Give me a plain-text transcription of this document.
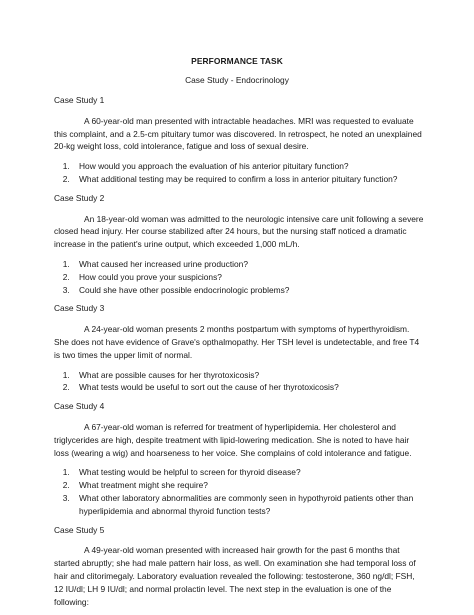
PERFORMANCE TASK
Case Study - Endocrinology

Case Study 1

A 60-year-old man presented with intractable headaches. MRI was requested to evaluate this complaint, and a 2.5-cm pituitary tumor was discovered. In retrospect, he noted an unexplained 20-kg weight loss, cold intolerance, fatigue and loss of sexual desire.

1. How would you approach the evaluation of his anterior pituitary function?
2. What additional testing may be required to confirm a loss in anterior pituitary function?

Case Study 2

An 18-year-old woman was admitted to the neurologic intensive care unit following a severe closed head injury. Her course stabilized after 24 hours, but the nursing staff noticed a dramatic increase in the patient's urine output, which exceeded 1,000 mL/h.

1. What caused her increased urine production?
2. How could you prove your suspicions?
3. Could she have other possible endocrinologic problems?

Case Study 3

A 24-year-old woman presents 2 months postpartum with symptoms of hyperthyroidism. She does not have evidence of Grave's opthalmopathy. Her TSH level is undetectable, and free T4 is two times the upper limit of normal.

1. What are possible causes for her thyrotoxicosis?
2. What tests would be useful to sort out the cause of her thyrotoxicosis?

Case Study 4

A 67-year-old woman is referred for treatment of hyperlipidemia. Her cholesterol and triglycerides are high, despite treatment with lipid-lowering medication. She is noted to have hair loss (wearing a wig) and hoarseness to her voice. She complains of cold intolerance and fatigue.

1. What testing would be helpful to screen for thyroid disease?
2. What treatment might she require?
3. What other laboratory abnormalities are commonly seen in hypothyroid patients other than hyperlipidemia and abnormal thyroid function tests?

Case Study 5

A 49-year-old woman presented with increased hair growth for the past 6 months that started abruptly; she had male pattern hair loss, as well. On examination she had temporal loss of hair and clitorimegaly. Laboratory evaluation revealed the following: testosterone, 360 ng/dl; FSH, 12 IU/dl; LH 9 IU/dl; and normal prolactin level. The next step in the evaluation is one of the following:
